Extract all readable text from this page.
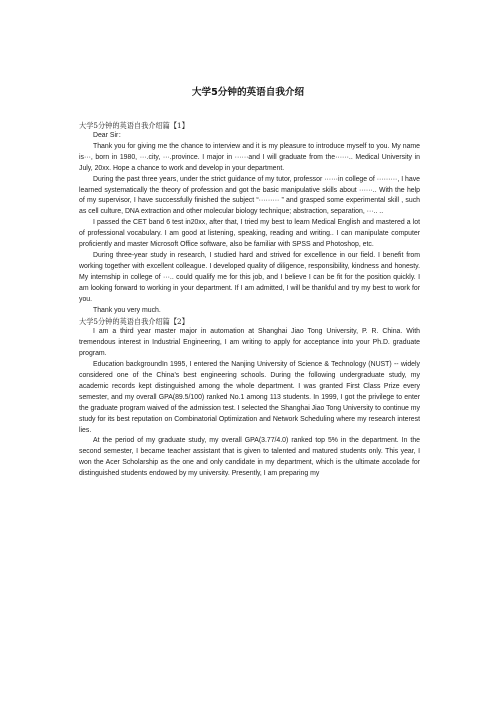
大学5分钟的英语自我介绍

大学5分钟的英语自我介绍篇【1】

Dear Sir：

Thank you for giving me the chance to interview and it is my pleasure to introduce myself to you. My name is···, born in 1980, ···.city, ···.province. I major in ······and I will graduate from the······.. Medical University in July, 20xx. Hope a chance to work and develop in your department.

During the past three years, under the strict guidance of my tutor, professor ······in college of ·········, I have learned systematically the theory of profession and got the basic manipulative skills about ······.. With the help of my supervisor, I have successfully finished the subject “········· ” and grasped some experimental skill , such as cell culture, DNA extraction and other molecular biology technique; abstraction, separation, ···.. ..

I passed the CET band 6 test in20xx, after that, I tried my best to learn Medical English and mastered a lot of professional vocabulary. I am good at listening, speaking, reading and writing.. I can manipulate computer proficiently and master Microsoft Office software, also be familiar with SPSS and Photoshop, etc.

During three-year study in research, I studied hard and strived for excellence in our field. I benefit from working together with excellent colleague. I developed quality of diligence, responsibility, kindness and honesty. My internship in college of ···.. could qualify me for this job, and I believe I can be fit for the position quickly. I am looking forward to working in your department. If I am admitted, I will be thankful and try my best to work for you.

Thank you very much.

大学5分钟的英语自我介绍篇【2】

I am a third year master major in automation at Shanghai Jiao Tong University, P. R. China. With tremendous interest in Industrial Engineering, I am writing to apply for acceptance into your Ph.D. graduate program.

Education backgroundIn 1995, I entered the Nanjing University of Science & Technology (NUST) -- widely considered one of the China’s best engineering schools. During the following undergraduate study, my academic records kept distinguished among the whole department. I was granted First Class Prize every semester, and my overall GPA(89.5/100) ranked No.1 among 113 students. In 1999, I got the privilege to enter the graduate program waived of the admission test. I selected the Shanghai Jiao Tong University to continue my study for its best reputation on Combinatorial Optimization and Network Scheduling where my research interest lies.

At the period of my graduate study, my overall GPA(3.77/4.0) ranked top 5% in the department. In the second semester, I became teacher assistant that is given to talented and matured students only. This year, I won the Acer Scholarship as the one and only candidate in my department, which is the ultimate accolade for distinguished students endowed by my university. Presently, I am preparing my
